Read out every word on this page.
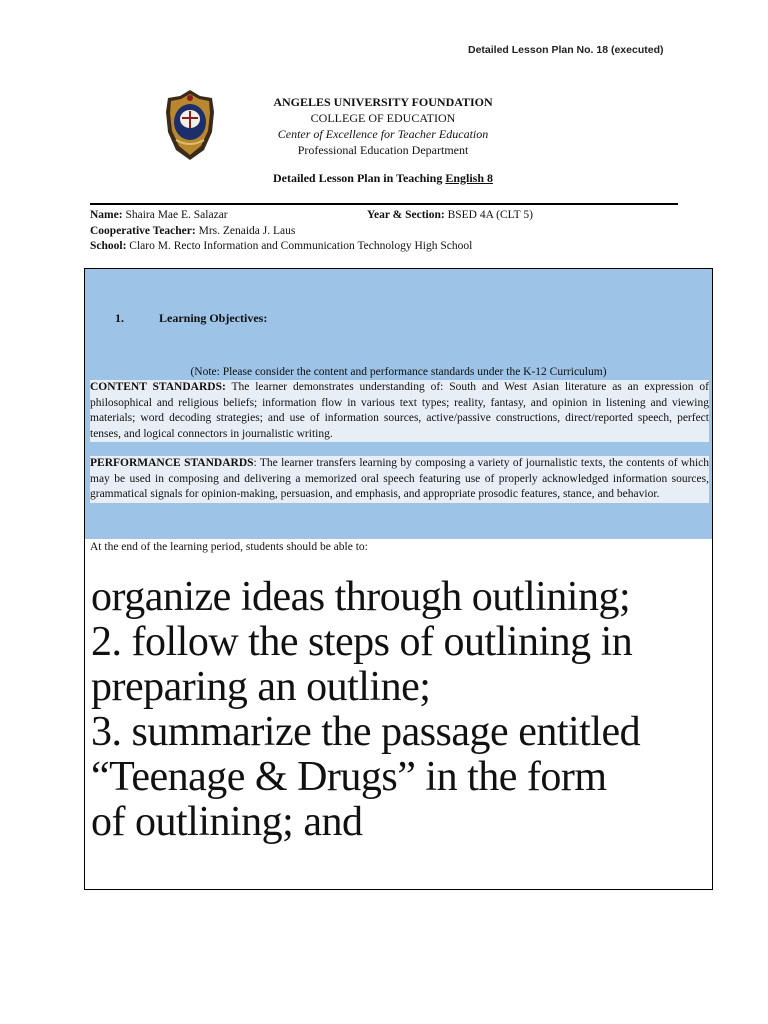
Detailed Lesson Plan No. 18 (executed)
ANGELES UNIVERSITY FOUNDATION
COLLEGE OF EDUCATION
Center of Excellence for Teacher Education
Professional Education Department
Detailed Lesson Plan in Teaching English 8
Name: Shaira Mae E. Salazar	Year & Section: BSED 4A (CLT 5)
Cooperative Teacher: Mrs. Zenaida J. Laus
School: Claro M. Recto Information and Communication Technology High School
1.	Learning Objectives:
(Note: Please consider the content and performance standards under the K-12 Curriculum)

CONTENT STANDARDS: The learner demonstrates understanding of: South and West Asian literature as an expression of philosophical and religious beliefs; information flow in various text types; reality, fantasy, and opinion in listening and viewing materials; word decoding strategies; and use of information sources, active/passive constructions, direct/reported speech, perfect tenses, and logical connectors in journalistic writing.

PERFORMANCE STANDARDS: The learner transfers learning by composing a variety of journalistic texts, the contents of which may be used in composing and delivering a memorized oral speech featuring use of properly acknowledged information sources, grammatical signals for opinion-making, persuasion, and emphasis, and appropriate prosodic features, stance, and behavior.

At the end of the learning period, students should be able to:
organize ideas through outlining;
2. follow the steps of outlining in
preparing an outline;
3. summarize the passage entitled
“Teenage & Drugs” in the form
of outlining; and
